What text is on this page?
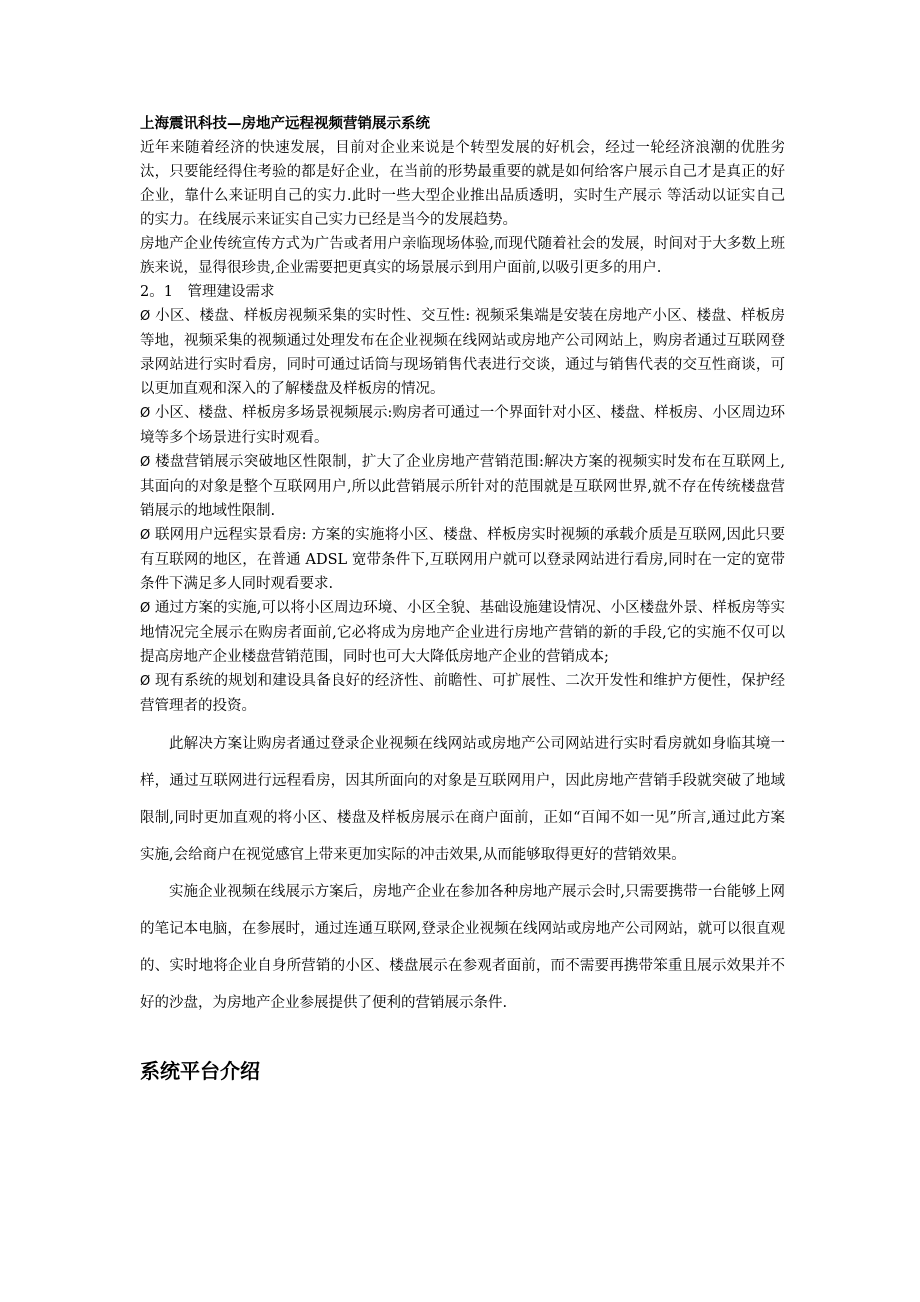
上海震讯科技—房地产远程视频营销展示系统

近年来随着经济的快速发展，目前对企业来说是个转型发展的好机会，经过一轮经济浪潮的优胜劣汰，只要能经得住考验的都是好企业，在当前的形势最重要的就是如何给客户展示自己才是真正的好企业，靠什么来证明自己的实力.此时一些大型企业推出品质透明，实时生产展示 等活动以证实自己的实力。在线展示来证实自己实力已经是当今的发展趋势。

房地产企业传统宣传方式为广告或者用户亲临现场体验,而现代随着社会的发展，时间对于大多数上班族来说，显得很珍贵,企业需要把更真实的场景展示到用户面前,以吸引更多的用户.

2。1　管理建设需求

Ø 小区、楼盘、样板房视频采集的实时性、交互性: 视频采集端是安装在房地产小区、楼盘、样板房等地，视频采集的视频通过处理发布在企业视频在线网站或房地产公司网站上，购房者通过互联网登录网站进行实时看房，同时可通过话筒与现场销售代表进行交谈，通过与销售代表的交互性商谈，可以更加直观和深入的了解楼盘及样板房的情况。

Ø 小区、楼盘、样板房多场景视频展示:购房者可通过一个界面针对小区、楼盘、样板房、小区周边环境等多个场景进行实时观看。

Ø 楼盘营销展示突破地区性限制，扩大了企业房地产营销范围:解决方案的视频实时发布在互联网上,其面向的对象是整个互联网用户,所以此营销展示所针对的范围就是互联网世界,就不存在传统楼盘营销展示的地域性限制.

Ø 联网用户远程实景看房: 方案的实施将小区、楼盘、样板房实时视频的承载介质是互联网,因此只要有互联网的地区，在普通 ADSL 宽带条件下,互联网用户就可以登录网站进行看房,同时在一定的宽带条件下满足多人同时观看要求.

Ø 通过方案的实施,可以将小区周边环境、小区全貌、基础设施建设情况、小区楼盘外景、样板房等实地情况完全展示在购房者面前,它必将成为房地产企业进行房地产营销的新的手段,它的实施不仅可以提高房地产企业楼盘营销范围，同时也可大大降低房地产企业的营销成本;

Ø 现有系统的规划和建设具备良好的经济性、前瞻性、可扩展性、二次开发性和维护方便性，保护经营管理者的投资。

此解决方案让购房者通过登录企业视频在线网站或房地产公司网站进行实时看房就如身临其境一样，通过互联网进行远程看房，因其所面向的对象是互联网用户，因此房地产营销手段就突破了地域限制,同时更加直观的将小区、楼盘及样板房展示在商户面前，正如“百闻不如一见”所言,通过此方案实施,会给商户在视觉感官上带来更加实际的冲击效果,从而能够取得更好的营销效果。

实施企业视频在线展示方案后，房地产企业在参加各种房地产展示会时,只需要携带一台能够上网的笔记本电脑，在参展时，通过连通互联网,登录企业视频在线网站或房地产公司网站，就可以很直观的、实时地将企业自身所营销的小区、楼盘展示在参观者面前，而不需要再携带笨重且展示效果并不好的沙盘，为房地产企业参展提供了便利的营销展示条件.

系统平台介绍
